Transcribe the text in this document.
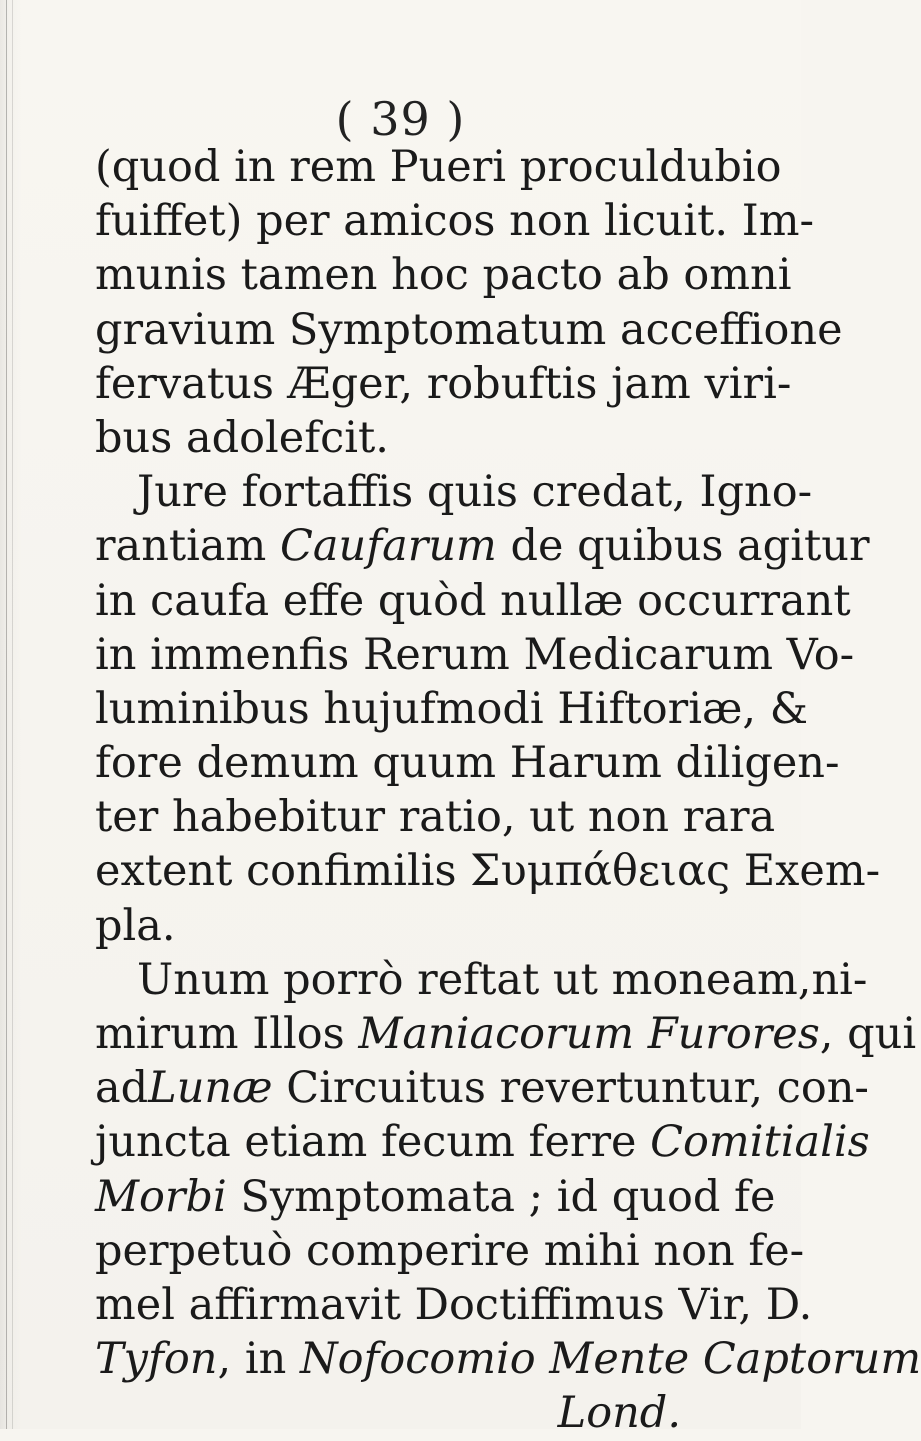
( 39 )
(quod in rem Pueri proculdubio
fuiffet) per amicos non licuit. Im-
munis tamen hoc pacto ab omni
gravium Symptomatum acceffione
fervatus Æger, robuftis jam viri-
bus adolefcit.
Jure fortaffis quis credat, Igno-
rantiam Caufarum de quibus agitur
in caufa effe quòd nullæ occurrant
in immenfis Rerum Medicarum Vo-
luminibus hujufmodi Hiftoriæ, &
fore demum quum Harum diligen-
ter habebitur ratio, ut non rara
extent confimilis Συμπάθειας Exem-
pla.
Unum porrò reftat ut moneam,ni-
mirum Illos Maniacorum Furores, qui
adLunæ Circuitus revertuntur, con-
juncta etiam fecum ferre Comitialis
Morbi Symptomata ; id quod fe
perpetuò comperire mihi non fe-
mel affirmavit Doctiffimus Vir, D.
Tyfon, in Nofocomio Mente Captorum
Lond.
